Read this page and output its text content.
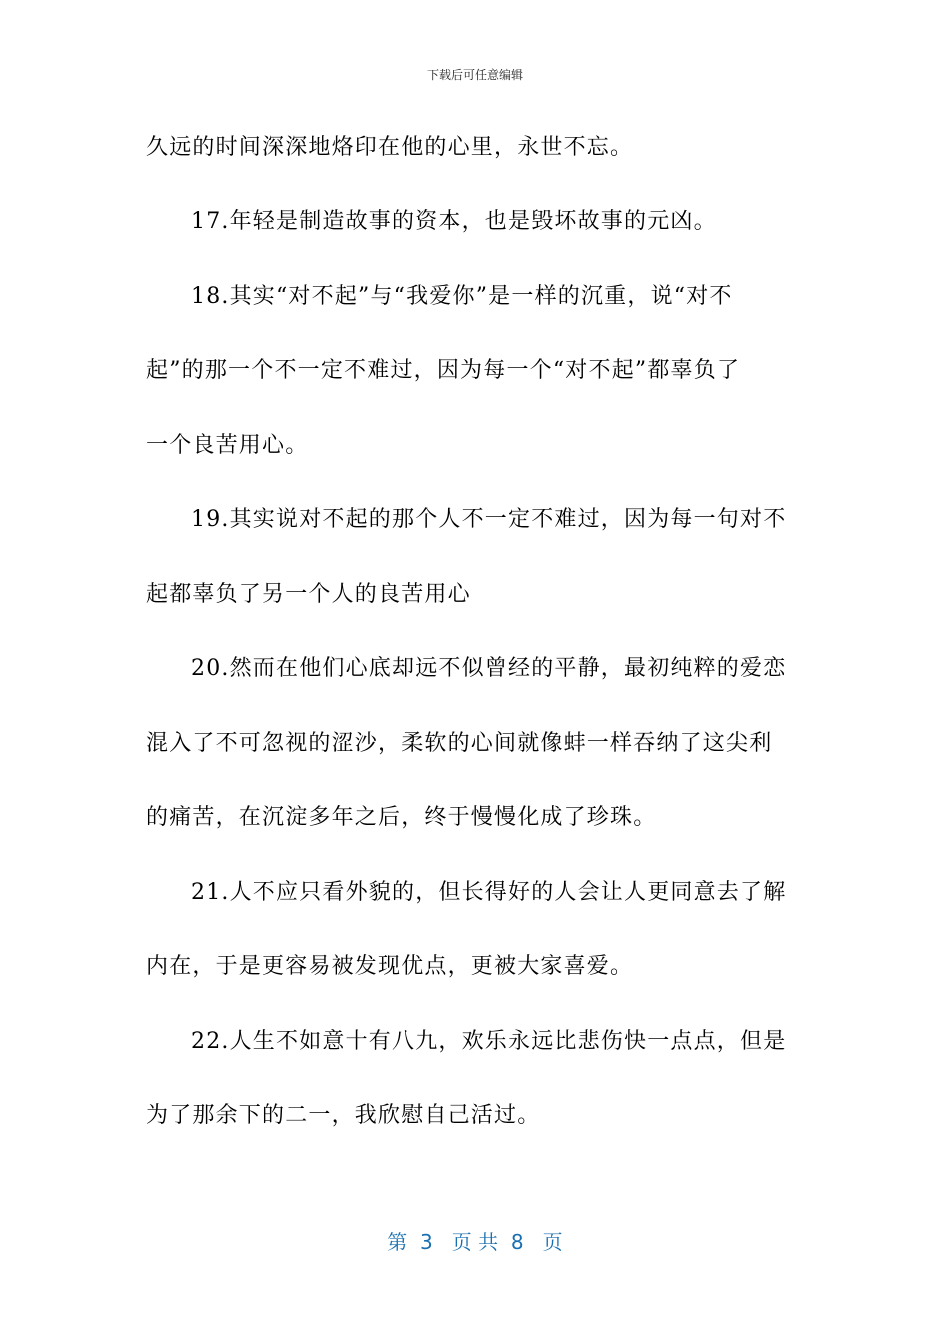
下载后可任意编辑
久远的时间深深地烙印在他的心里，永世不忘。
17.年轻是制造故事的资本，也是毁坏故事的元凶。
18.其实“对不起”与“我爱你”是一样的沉重，说“对不
起”的那一个不一定不难过，因为每一个“对不起”都辜负了
一个良苦用心。
19.其实说对不起的那个人不一定不难过，因为每一句对不
起都辜负了另一个人的良苦用心
20.然而在他们心底却远不似曾经的平静，最初纯粹的爱恋
混入了不可忽视的涩沙，柔软的心间就像蚌一样吞纳了这尖利
的痛苦，在沉淀多年之后，终于慢慢化成了珍珠。
21.人不应只看外貌的，但长得好的人会让人更同意去了解
内在，于是更容易被发现优点，更被大家喜爱。
22.人生不如意十有八九，欢乐永远比悲伤快一点点，但是
为了那余下的二一，我欣慰自己活过。
第  3   页 共  8   页
